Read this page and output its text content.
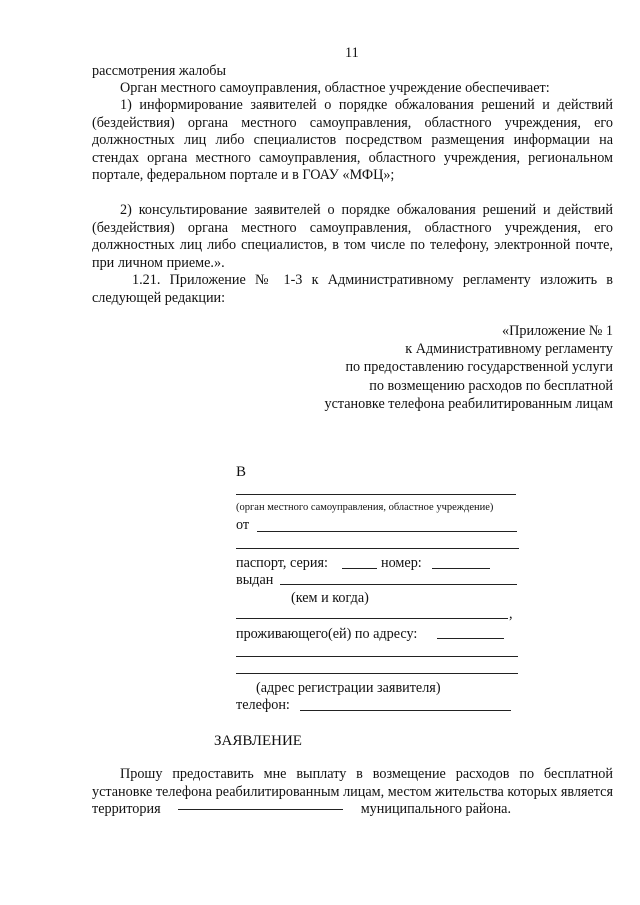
11
рассмотрения жалобы
Орган местного самоуправления, областное учреждение обеспечивает:
1) информирование заявителей о порядке обжалования решений и действий (бездействия) органа местного самоуправления, областного учреждения, его должностных лиц либо специалистов посредством размещения информации на стендах органа местного самоуправления, областного учреждения, региональном портале, федеральном портале и в ГОАУ «МФЦ»;
2) консультирование заявителей о порядке обжалования решений и действий (бездействия) органа местного самоуправления, областного учреждения, его должностных лиц либо специалистов, в том числе по телефону, электронной почте, при личном приеме.».
1.21. Приложение № 1-3 к Административному регламенту изложить в следующей редакции:
«Приложение № 1
к Административному регламенту
по предоставлению государственной услуги
по возмещению расходов по бесплатной
установке телефона реабилитированным лицам
В
(орган местного самоуправления, областное учреждение)
от
паспорт, серия:	номер:
выдан
(кем и когда)
,
проживающего(ей) по адресу:
(адрес регистрации заявителя)
телефон:
ЗАЯВЛЕНИЕ
Прошу предоставить мне выплату в возмещение расходов по бесплатной установке телефона реабилитированным лицам, местом жительства которых является территория	муниципального района.
